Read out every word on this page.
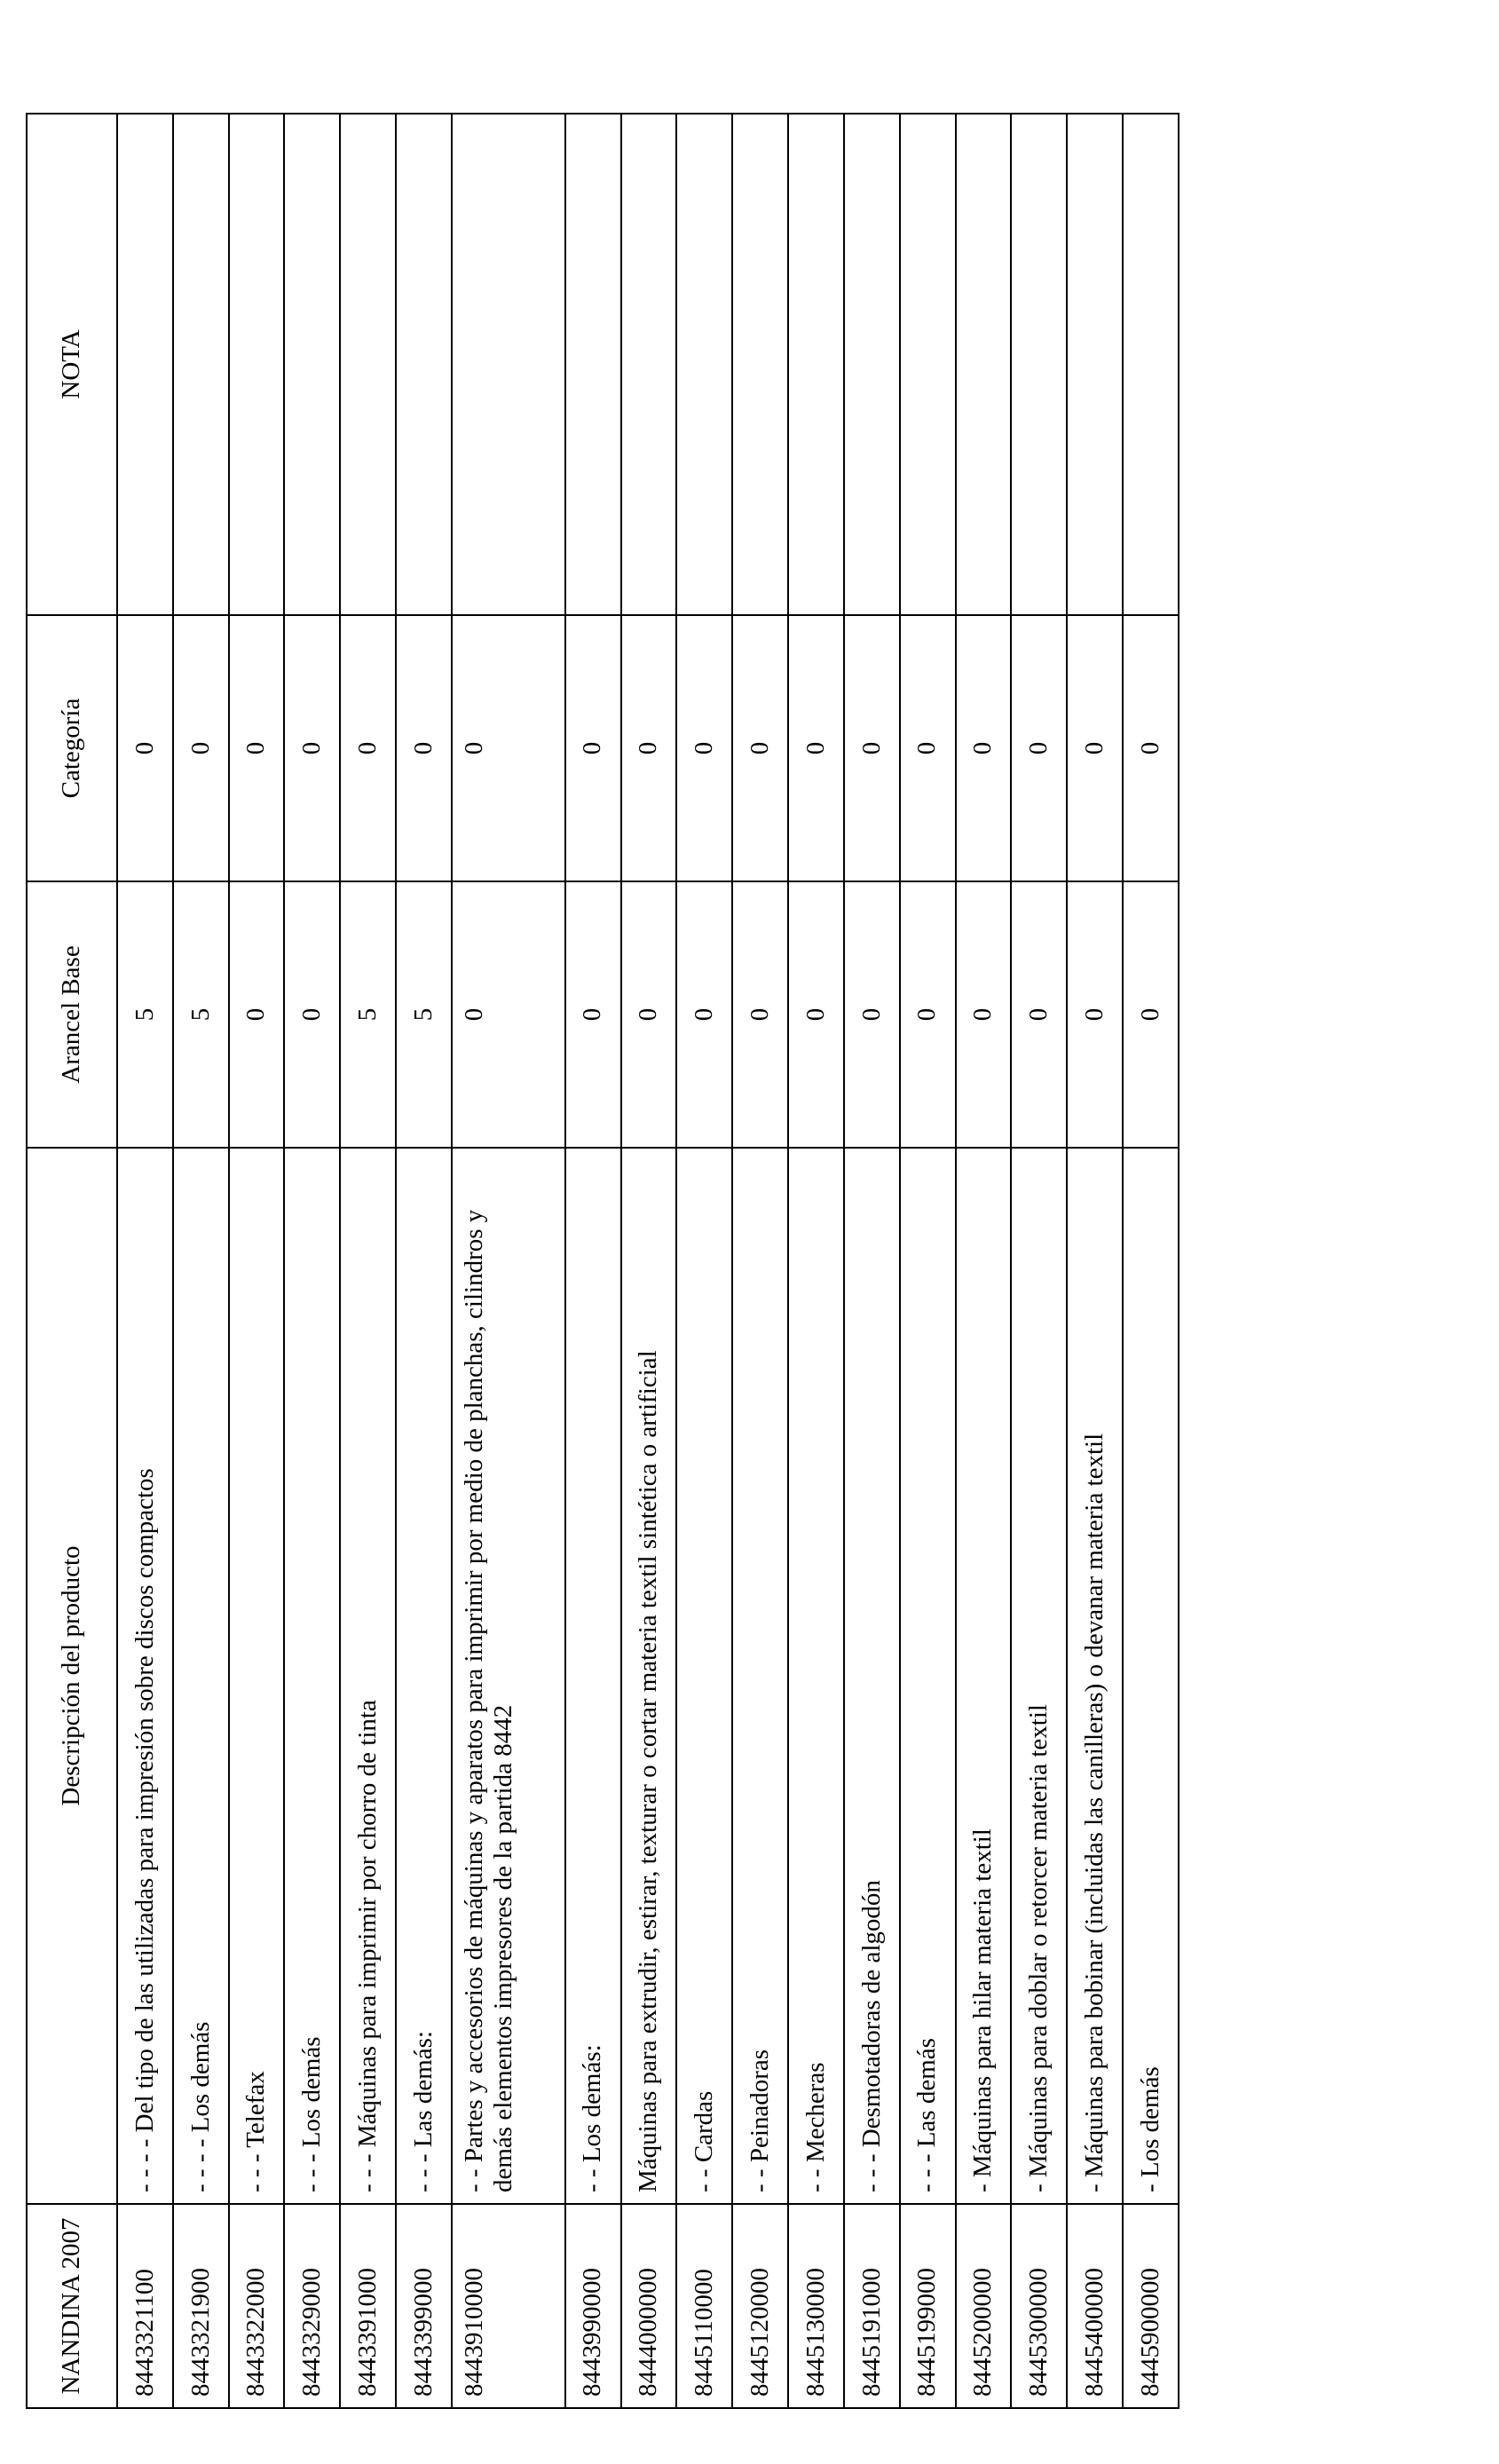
NANDINA 2007	Descripción del producto	Arancel Base	Categoría	NOTA
8443321100	- - - - Del tipo de las utilizadas para impresión sobre discos compactos	5	0	
8443321900	- - - - Los demás	5	0	
8443322000	- - - Telefax	0	0	
8443329000	- - - Los demás	0	0	
8443391000	- - - Máquinas para imprimir por chorro de tinta	5	0	
8443399000	- - - Las demás:	5	0	
8443910000	- - Partes y accesorios de máquinas y aparatos para imprimir por medio de planchas, cilindros y demás elementos impresores de la partida 8442	0	0	
8443990000	- - Los demás:	0	0	
8444000000	Máquinas para extrudir, estirar, texturar o cortar materia textil sintética o artificial	0	0	
8445110000	- - Cardas	0	0	
8445120000	- - Peinadoras	0	0	
8445130000	- - Mecheras	0	0	
8445191000	- - - Desmotadoras de algodón	0	0	
8445199000	- - - Las demás	0	0	
8445200000	- Máquinas para hilar materia textil	0	0	
8445300000	- Máquinas para doblar o retorcer materia textil	0	0	
8445400000	- Máquinas para bobinar (incluidas las canilleras) o devanar materia textil	0	0	
8445900000	- Los demás	0	0	
